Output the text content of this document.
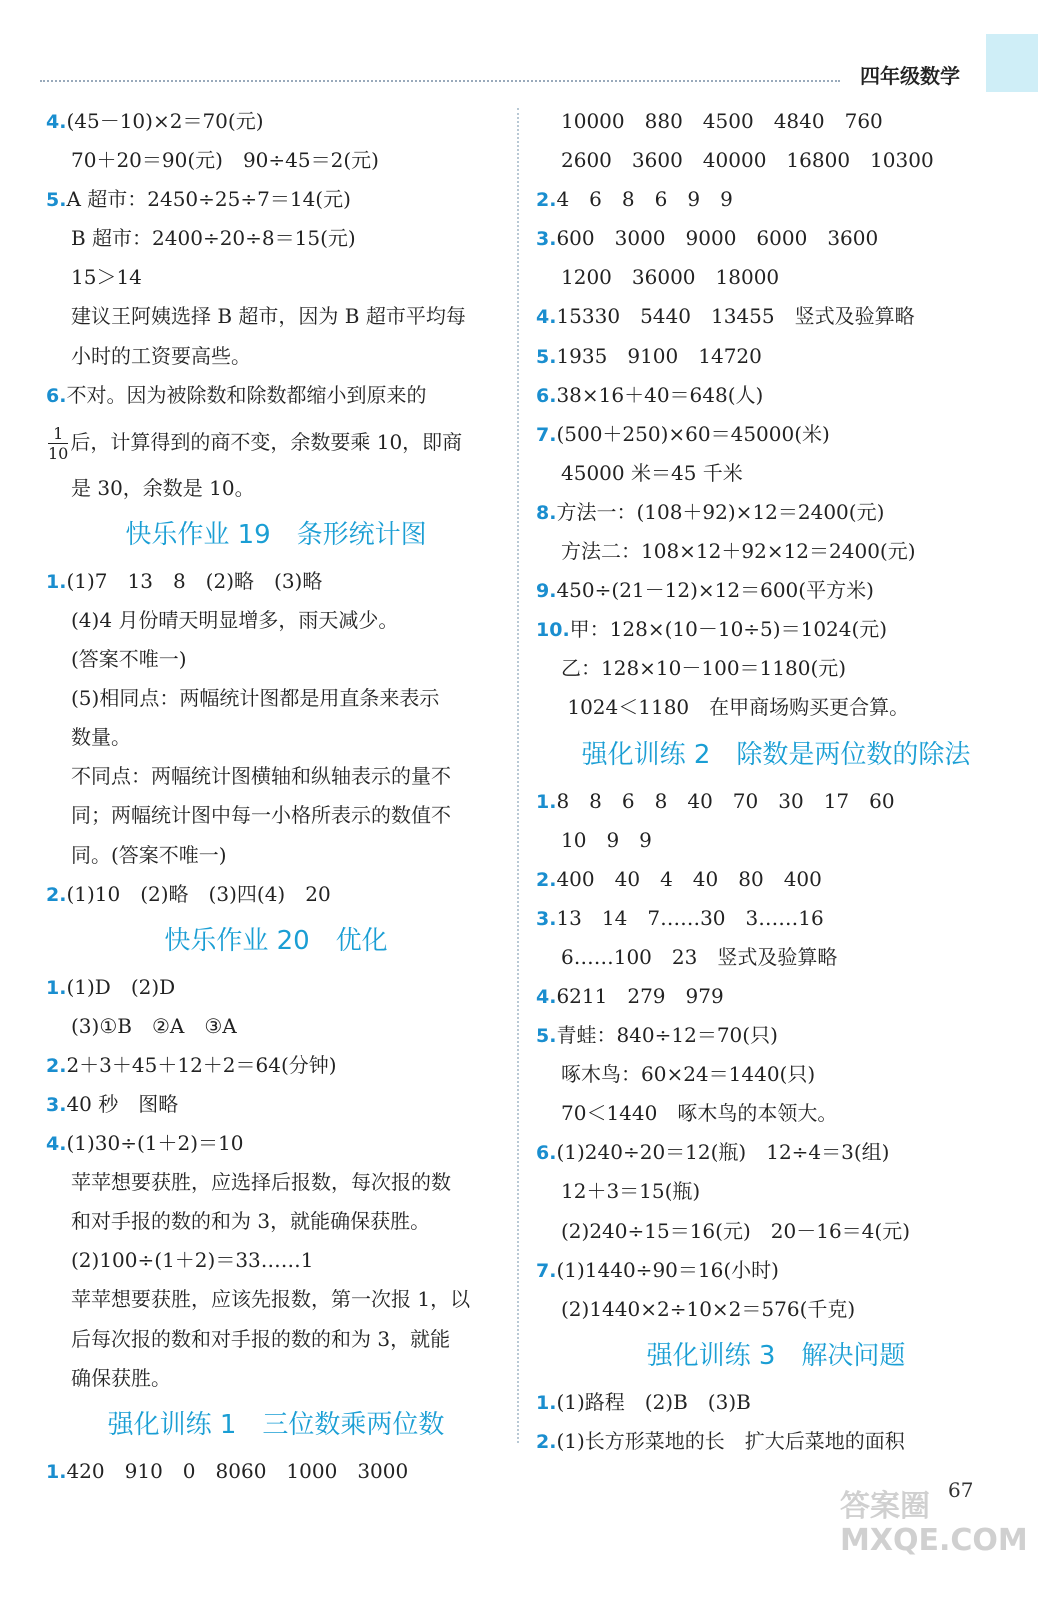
四年级数学
4.(45－10)×2＝70(元)
70＋20＝90(元)　90÷45＝2(元)
5.A 超市：2450÷25÷7＝14(元)
B 超市：2400÷20÷8＝15(元)
15＞14
建议王阿姨选择 B 超市，因为 B 超市平均每
小时的工资要高些。
6.不对。因为被除数和除数都缩小到原来的
$\frac{1}{10}$ 后，计算得到的商不变，余数要乘 10，即商
是 30，余数是 10。
快乐作业 19　条形统计图
1.(1)7　13　8　(2)略　(3)略
(4)4 月份晴天明显增多，雨天减少。
(答案不唯一)
(5)相同点：两幅统计图都是用直条来表示
数量。
不同点：两幅统计图横轴和纵轴表示的量不
同；两幅统计图中每一小格所表示的数值不
同。(答案不唯一)
2.(1)10　(2)略　(3)四(4)　20
快乐作业 20　优化
1.(1)D　(2)D
(3)①B　②A　③A
2.2＋3＋45＋12＋2＝64(分钟)
3.40 秒　图略
4.(1)30÷(1＋2)＝10
苹苹想要获胜，应选择后报数，每次报的数
和对手报的数的和为 3，就能确保获胜。
(2)100÷(1＋2)＝33……1
苹苹想要获胜，应该先报数，第一次报 1，以
后每次报的数和对手报的数的和为 3，就能
确保获胜。
强化训练 1　三位数乘两位数
1.420　910　0　8060　1000　3000
10000　880　4500　4840　760
2600　3600　40000　16800　10300
2.4　6　8　6　9　9
3.600　3000　9000　6000　3600
1200　36000　18000
4.15330　5440　13455　竖式及验算略
5.1935　9100　14720
6.38×16＋40＝648(人)
7.(500＋250)×60＝45000(米)
45000 米＝45 千米
8.方法一：(108＋92)×12＝2400(元)
方法二：108×12＋92×12＝2400(元)
9.450÷(21－12)×12＝600(平方米)
10.甲：128×(10－10÷5)＝1024(元)
乙：128×10－100＝1180(元)
1024＜1180　在甲商场购买更合算。
强化训练 2　除数是两位数的除法
1.8　8　6　8　40　70　30　17　60
10　9　9
2.400　40　4　40　80　400
3.13　14　7……30　3……16
6……100　23　竖式及验算略
4.6211　279　979
5.青蛙：840÷12＝70(只)
啄木鸟：60×24＝1440(只)
70＜1440　啄木鸟的本领大。
6.(1)240÷20＝12(瓶)　12÷4＝3(组)
12＋3＝15(瓶)
(2)240÷15＝16(元)　20－16＝4(元)
7.(1)1440÷90＝16(小时)
(2)1440×2÷10×2＝576(千克)
强化训练 3　解决问题
1.(1)路程　(2)B　(3)B
2.(1)长方形菜地的长　扩大后菜地的面积
67
答案圈
MXQE.COM
